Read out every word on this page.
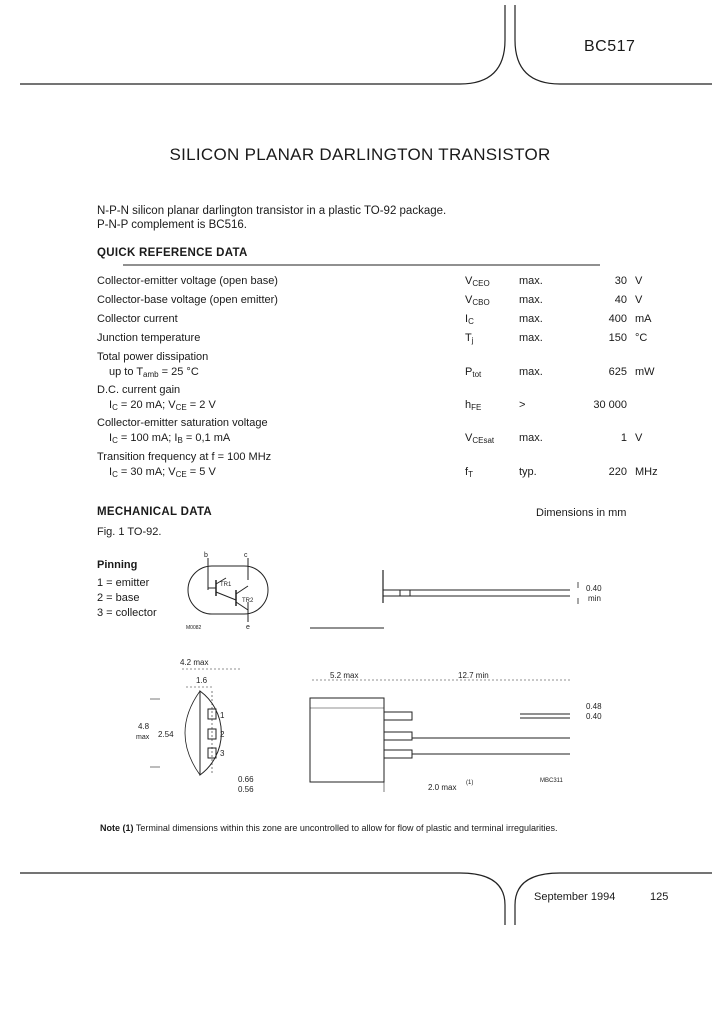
BC517
SILICON PLANAR DARLINGTON TRANSISTOR
N-P-N silicon planar darlington transistor in a plastic TO-92 package.
P-N-P complement is BC516.
QUICK REFERENCE DATA
Collector-emitter voltage (open base)	$V_{CEO}$	max.	30 V
Collector-base voltage (open emitter)	$V_{CBO}$	max.	40 V
Collector current	$I_C$	max.	400 mA
Junction temperature	$T_j$	max.	150 °C
Total power dissipation
up to $T_{amb} = 25$ °C	$P_{tot}$	max.	625 mW
D.C. current gain
$I_C = 20$ mA; $V_{CE} = 2$ V	$h_{FE}$	>	30 000
Collector-emitter saturation voltage
$I_C = 100$ mA; $I_B = 0,1$ mA	$V_{CEsat}$ max.	1 V
Transition frequency at f = 100 MHz
$I_C = 30$ mA; $V_{CE} = 5$ V	$f_T$	typ.	220 MHz
MECHANICAL DATA	Dimensions in mm
Fig. 1 TO-92.
Pinning
1 = emitter
2 = base
3 = collector
b	c
e
TR1
TR2
M0082
0.40
min
4.2 max
1.6
1
2
3
4.8
max 2.54
0.66
0.56
5.2 max	12.7 min
0.48
0.40
2.0 max (1)	MBC311
Note (1) Terminal dimensions within this zone are uncontrolled to allow for flow of plastic and terminal irregularities.
September 1994	125
